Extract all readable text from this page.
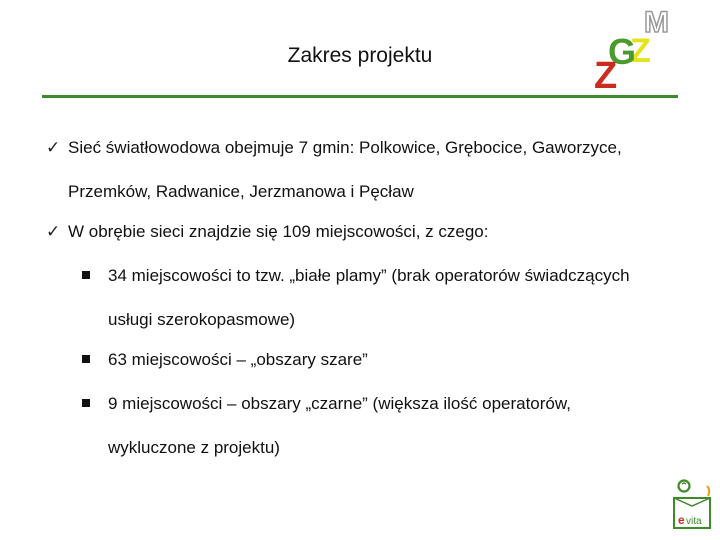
Zakres projektu
M
Z
G
Z
✓ Sieć światłowodowa obejmuje 7 gmin: Polkowice, Grębocice, Gaworzyce, Przemków, Radwanice, Jerzmanowa i Pęcław
✓ W obrębie sieci znajdzie się 109 miejscowości, z czego:
34 miejscowości to tzw. „białe plamy” (brak operatorów świadczących usługi szerokopasmowe)
63 miejscowości – „obszary szare”
9 miejscowości – obszary „czarne” (większa ilość operatorów, wykluczone z projektu)
e vita
